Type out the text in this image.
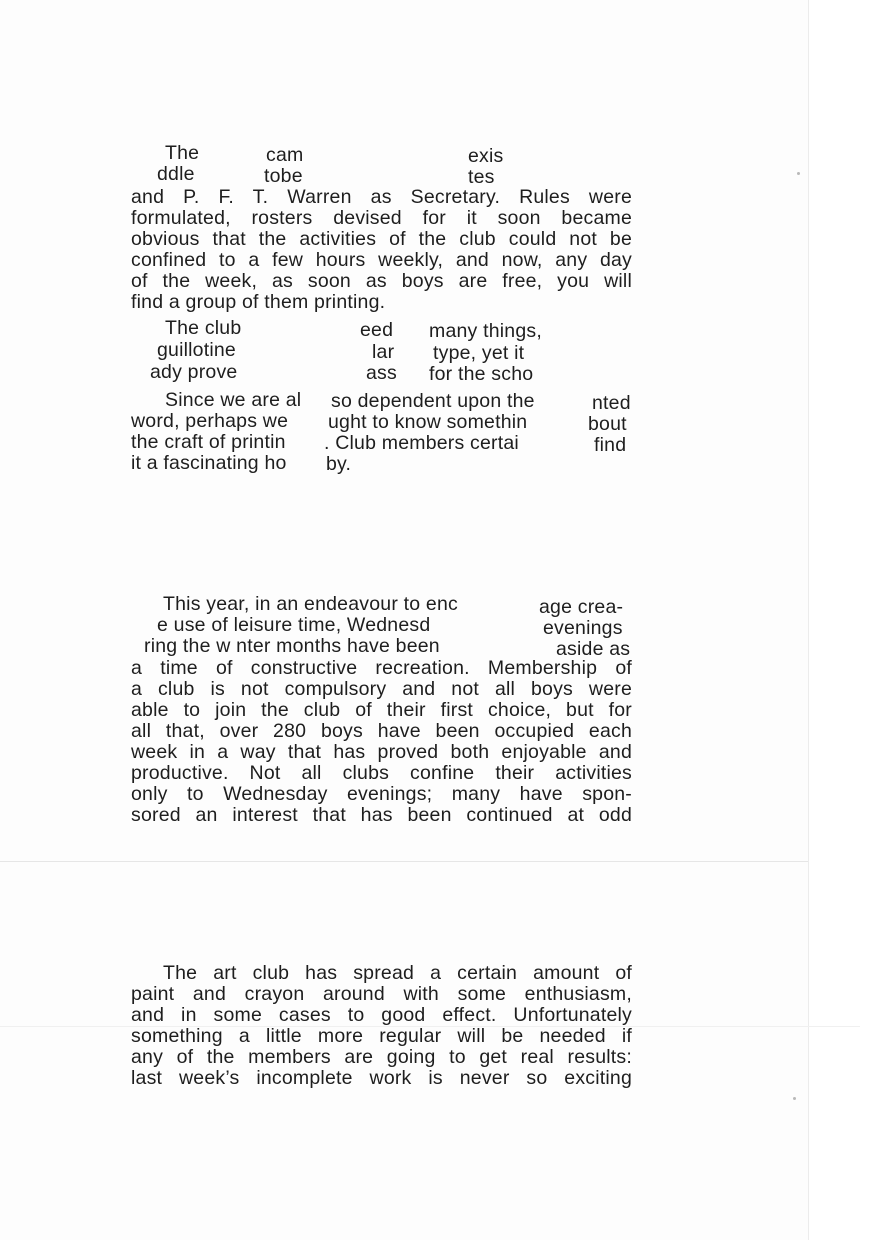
The	cam	exis
ddle	tobe	tes
and P. F. T. Warren as Secretary. Rules were
formulated, rosters devised for it soon became
obvious that the activities of the club could not be
confined to a few hours weekly, and now, any day
of the week, as soon as boys are free, you will
find a group of them printing.
The club	eed many things,
guillotine	lar type, yet it
ady prove	ass for the scho
Since we are al so dependent upon the	nted
word, perhaps we ught to know somethin	bout
the craft of printin . Club members certai	find
it a fascinating ho by.
This year, in an endeavour to enc	age crea-
e use of leisure time, Wednesd	evenings
ring the w nter months have been	aside as
a time of constructive recreation. Membership of
a club is not compulsory and not all boys were
able to join the club of their first choice, but for
all that, over 280 boys have been occupied each
week in a way that has proved both enjoyable and
productive. Not all clubs confine their activities
only to Wednesday evenings; many have spon-
sored an interest that has been continued at odd
The art club has spread a certain amount of
paint and crayon around with some enthusiasm,
and in some cases to good effect. Unfortunately
something a little more regular will be needed if
any of the members are going to get real results:
last week’s incomplete work is never so exciting
